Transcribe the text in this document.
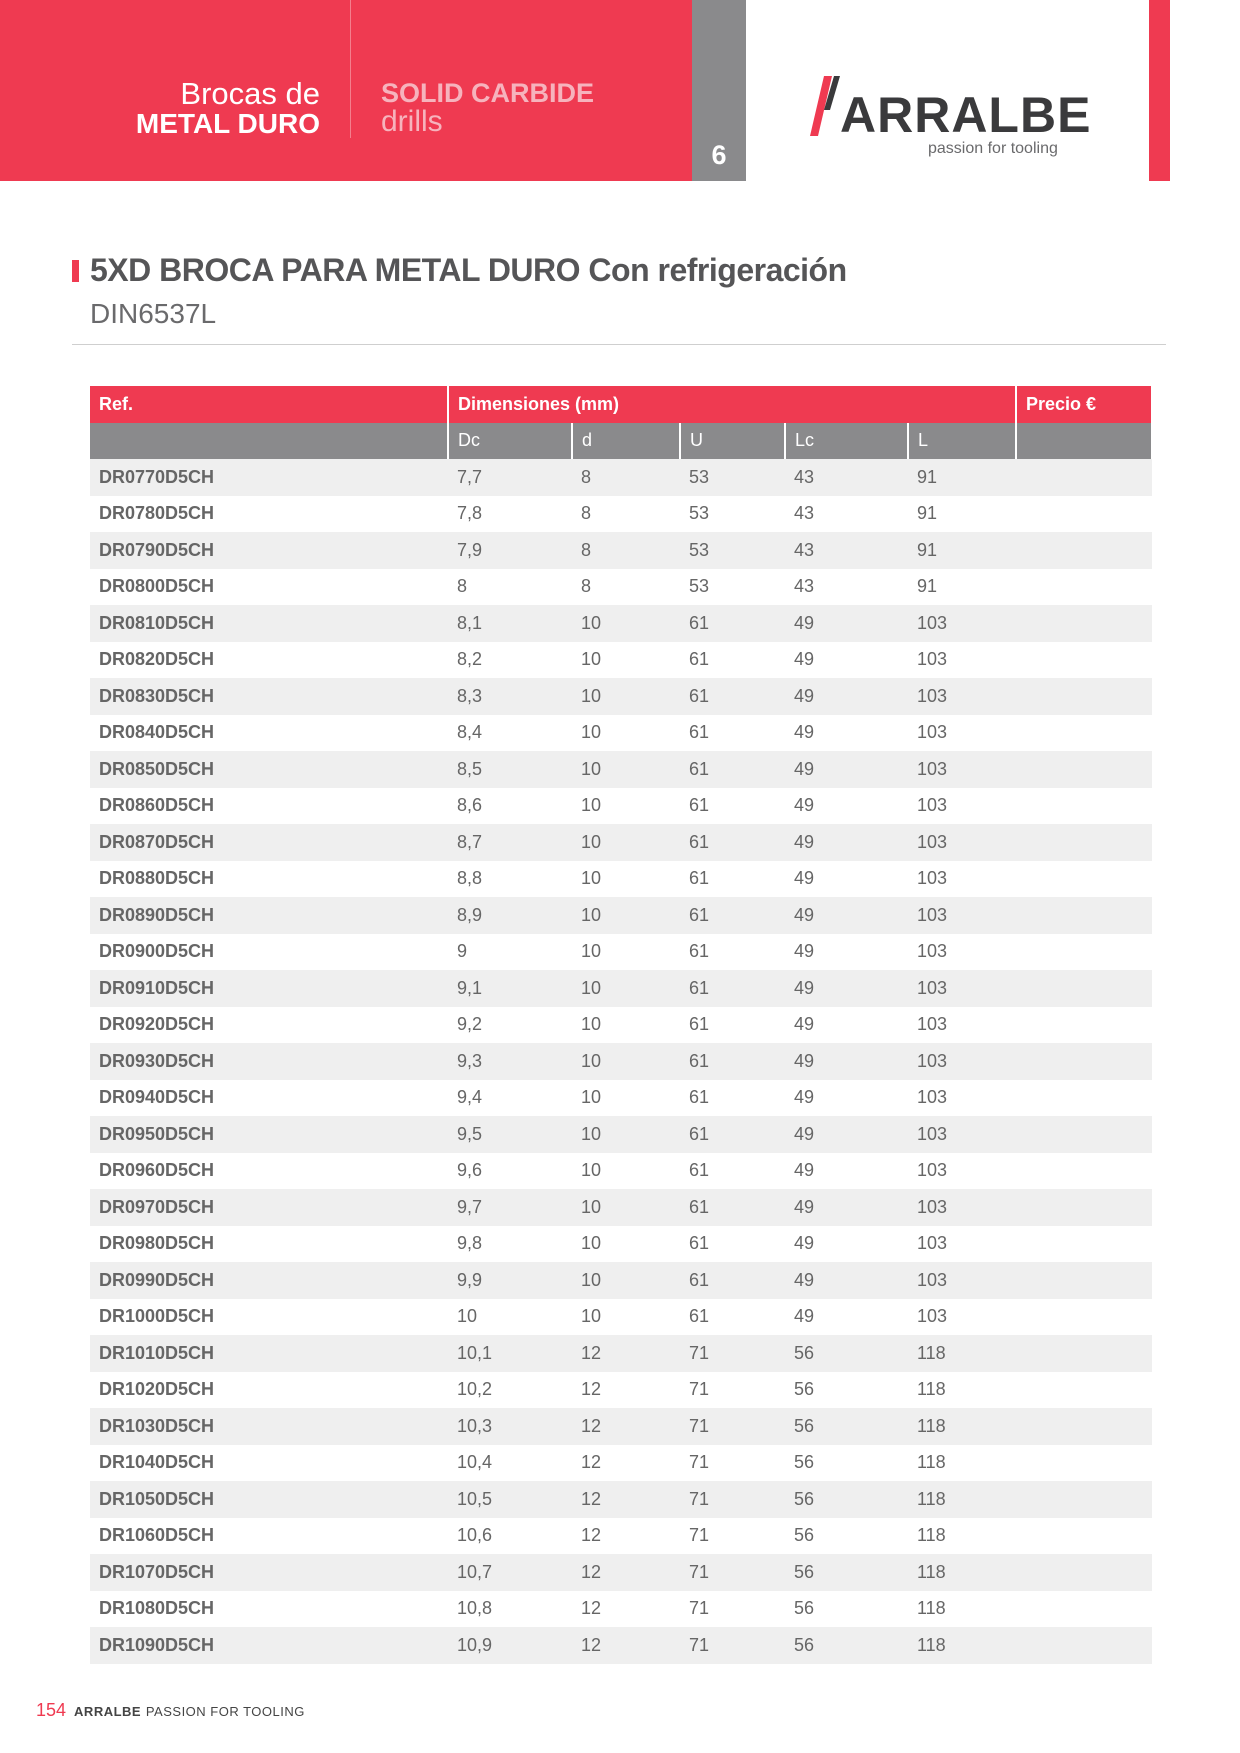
Brocas de
METAL DURO
SOLID CARBIDE
drills
6
ARRALBE
passion for tooling
5XD BROCA PARA METAL DURO Con refrigeración
DIN6537L
Ref.	Dimensiones (mm)					Precio €
	Dc	d	U	Lc	L	
DR0770D5CH	7,7	8	53	43	91	
DR0780D5CH	7,8	8	53	43	91	
DR0790D5CH	7,9	8	53	43	91	
DR0800D5CH	8	8	53	43	91	
DR0810D5CH	8,1	10	61	49	103	
DR0820D5CH	8,2	10	61	49	103	
DR0830D5CH	8,3	10	61	49	103	
DR0840D5CH	8,4	10	61	49	103	
DR0850D5CH	8,5	10	61	49	103	
DR0860D5CH	8,6	10	61	49	103	
DR0870D5CH	8,7	10	61	49	103	
DR0880D5CH	8,8	10	61	49	103	
DR0890D5CH	8,9	10	61	49	103	
DR0900D5CH	9	10	61	49	103	
DR0910D5CH	9,1	10	61	49	103	
DR0920D5CH	9,2	10	61	49	103	
DR0930D5CH	9,3	10	61	49	103	
DR0940D5CH	9,4	10	61	49	103	
DR0950D5CH	9,5	10	61	49	103	
DR0960D5CH	9,6	10	61	49	103	
DR0970D5CH	9,7	10	61	49	103	
DR0980D5CH	9,8	10	61	49	103	
DR0990D5CH	9,9	10	61	49	103	
DR1000D5CH	10	10	61	49	103	
DR1010D5CH	10,1	12	71	56	118	
DR1020D5CH	10,2	12	71	56	118	
DR1030D5CH	10,3	12	71	56	118	
DR1040D5CH	10,4	12	71	56	118	
DR1050D5CH	10,5	12	71	56	118	
DR1060D5CH	10,6	12	71	56	118	
DR1070D5CH	10,7	12	71	56	118	
DR1080D5CH	10,8	12	71	56	118	
DR1090D5CH	10,9	12	71	56	118	
154 ARRALBE PASSION FOR TOOLING
